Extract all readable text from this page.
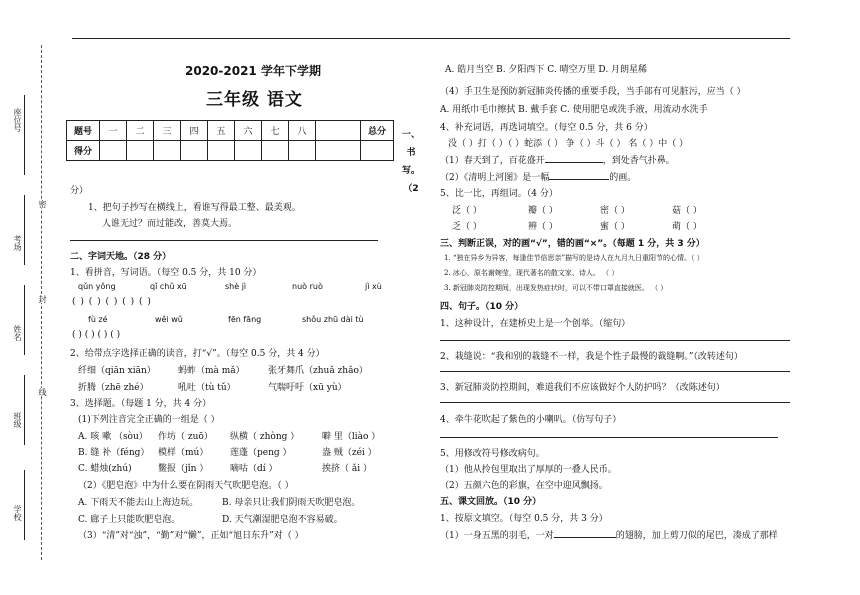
学校
班级
姓名
考场
座位号
密
封
线
2020-2021 学年下学期
三年级 语文
题号	一	二	三	四	五	六	七	八		总分
得分										
一、书写。（2
分）
1、把句子抄写在横线上，看谁写得最工整、最美观。
人谁无过？而过能改，善莫大焉。
二、字词天地。（28 分）
1、看拼音，写词语。（每空 0.5 分，共 10 分）
qǔn yǒng	qǐ chǔ xū	shè jì	nuò ruò	jì xù
( ) ( ) ( ) ( ) ( )
fù zé	wěi wǔ	fēn fāng	shǒu zhū dài tù
( ) ( ) ( ) ( )
2、给带点字选择正确的读音，打“√”。（每空 0.5 分，共 4 分）
纤细（qiān xiān） 蚂蚱（mà mǎ）	张牙舞爪（zhuǎ zhǎo）
折腾（zhē zhé）	吼吐（tù tǔ）	气喘吁吁（xū yù）
3、选择题。（每题 1 分，共 4 分）
(1)下列注音完全正确的一组是（ ）
A. 咳 嗽 （sòu） 作坊（ zuō） 纵横（ zhòng ）	噼 里（liào ）
B. 缝 补（féng） 模样（mú） 莲蓬（peng ）	盎 贼（zéi ）
C. 蜡烛(zhú)	鳖报（jǐn ） 嘀咕（dí ）	挨挤（ ǎi ）
（2）《肥皂泡》中为什么要在阴雨天气吹肥皂泡。（ ）
A. 下雨天不能去山上海边玩。	B. 母亲只让我们阴雨天吹肥皂泡。
C. 廊子上只能吹肥皂泡。	D. 天气潮湿肥皂泡不容易破。
（3）“清”对“浊”，“勤”对“懒”，正如“旭日东升”对（ ）
A. 皓月当空 B. 夕阳西下 C. 晴空万里 D. 月朗星稀
（4）手卫生是预防新冠肺炎传播的重要手段，当手部有可见脏污，应当（ ）
A. 用纸巾毛巾擦拭 B. 戴手套 C. 使用肥皂或洗手液，用流动水洗手
4、补充词语，再选词填空。（每空 0.5 分，共 6 分）
没（ ）打（ ）（ ）蛇添（ ） 争（ ）斗（ ） 名（ ）中（ ）
（1）春天到了，百花盛开	，到处香气扑鼻。
（2）《清明上河图》是一幅	的画。
5、比一比，再组词。（4 分）
泛（ ）	瓣（ ）	密（ ）	菇（ ）
乏（ ）	辨（ ）	蜜（ ）	萌（ ）
三、判断正误，对的画“√”，错的画“×”。（每题 1 分，共 3 分）
1. “独在异乡为异客，每逢佳节倍思亲”描写的是诗人在九月九日重阳节的心情。（ ）
2. 冰心，原名谢婉莹，现代著名的散文家、诗人。 （ ）
3. 新冠肺炎防控期间，出现发热症状时，可以不带口罩直接就医。 （ ）
四、句子。（10 分）
1、这种设计，在建桥史上是一个创举。（缩句）
2、栽缝说：“我和别的栽缝不一样，我是个性子最慢的裁缝啊。”（改转述句）
3、新冠肺炎防控期间，难道我们不应该做好个人防护吗？（改陈述句）
4、牵牛花吹起了紫色的小喇叭。（仿写句子）
5、用修改符号修改病句。
（1）他从拎包里取出了厚厚的一叠人民币。
（2）五颜六色的彩旗，在空中迎风飘扬。
五、课文回放。（10 分）
1、按原文填空。（每空 0.5 分，共 3 分）
（1）一身五黑的羽毛，一对	的翅膀，加上剪刀似的尾巴，凑成了那样
